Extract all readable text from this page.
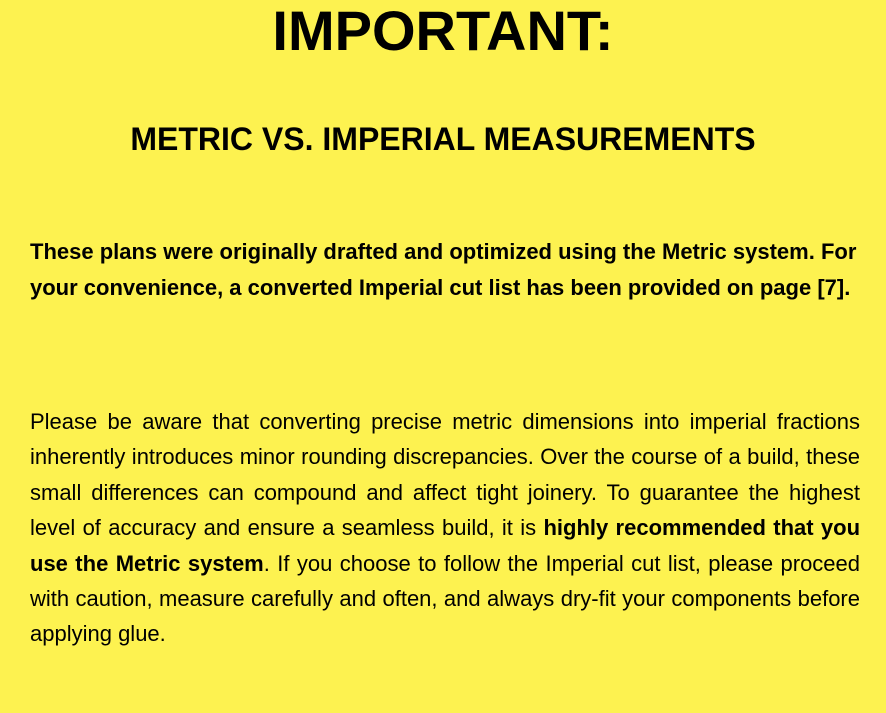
IMPORTANT:
METRIC VS. IMPERIAL MEASUREMENTS

These plans were originally drafted and optimized using the Metric system. For your convenience, a converted Imperial cut list has been provided on page [7].

Please be aware that converting precise metric dimensions into imperial fractions inherently introduces minor rounding discrepancies. Over the course of a build, these small differences can compound and affect tight joinery. To guarantee the highest level of accuracy and ensure a seamless build, it is highly recommended that you use the Metric system. If you choose to follow the Imperial cut list, please proceed with caution, measure carefully and often, and always dry-fit your components before applying glue.
